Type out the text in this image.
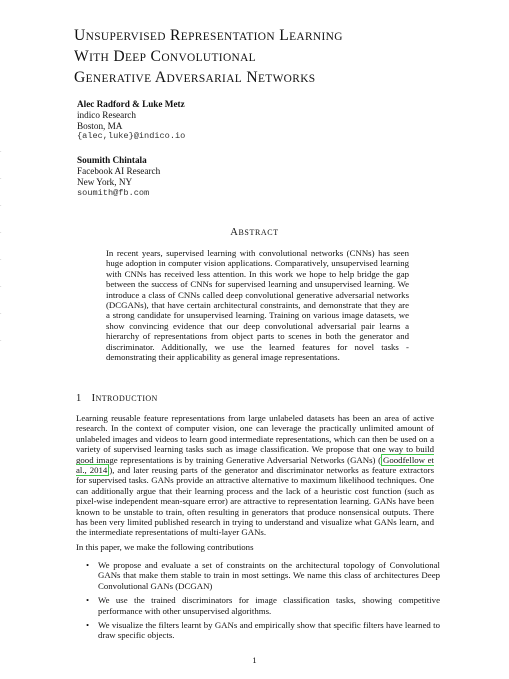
·
·
·
·
·
·
·
·
UNSUPERVISED REPRESENTATION LEARNING
WITH DEEP CONVOLUTIONAL
GENERATIVE ADVERSARIAL NETWORKS
Alec Radford & Luke Metz
indico Research
Boston, MA
{alec,luke}@indico.io
Soumith Chintala
Facebook AI Research
New York, NY
soumith@fb.com
ABSTRACT
In recent years, supervised learning with convolutional networks (CNNs) has seen huge adoption in computer vision applications. Comparatively, unsupervised learning with CNNs has received less attention. In this work we hope to help bridge the gap between the success of CNNs for supervised learning and unsupervised learning. We introduce a class of CNNs called deep convolutional generative adversarial networks (DCGANs), that have certain architectural constraints, and demonstrate that they are a strong candidate for unsupervised learning. Training on various image datasets, we show convincing evidence that our deep convolutional adversarial pair learns a hierarchy of representations from object parts to scenes in both the generator and discriminator. Additionally, we use the learned features for novel tasks - demonstrating their applicability as general image representations.
1 INTRODUCTION
Learning reusable feature representations from large unlabeled datasets has been an area of active research. In the context of computer vision, one can leverage the practically unlimited amount of unlabeled images and videos to learn good intermediate representations, which can then be used on a variety of supervised learning tasks such as image classification. We propose that one way to build good image representations is by training Generative Adversarial Networks (GANs) ( Goodfellow et al., 2014 ), and later reusing parts of the generator and discriminator networks as feature extractors for supervised tasks. GANs provide an attractive alternative to maximum likelihood techniques. One can additionally argue that their learning process and the lack of a heuristic cost function (such as pixel-wise independent mean-square error) are attractive to representation learning. GANs have been known to be unstable to train, often resulting in generators that produce nonsensical outputs. There has been very limited published research in trying to understand and visualize what GANs learn, and the intermediate representations of multi-layer GANs.
In this paper, we make the following contributions
• We propose and evaluate a set of constraints on the architectural topology of Convolutional GANs that make them stable to train in most settings. We name this class of architectures Deep Convolutional GANs (DCGAN)
• We use the trained discriminators for image classification tasks, showing competitive performance with other unsupervised algorithms.
• We visualize the filters learnt by GANs and empirically show that specific filters have learned to draw specific objects.
1
